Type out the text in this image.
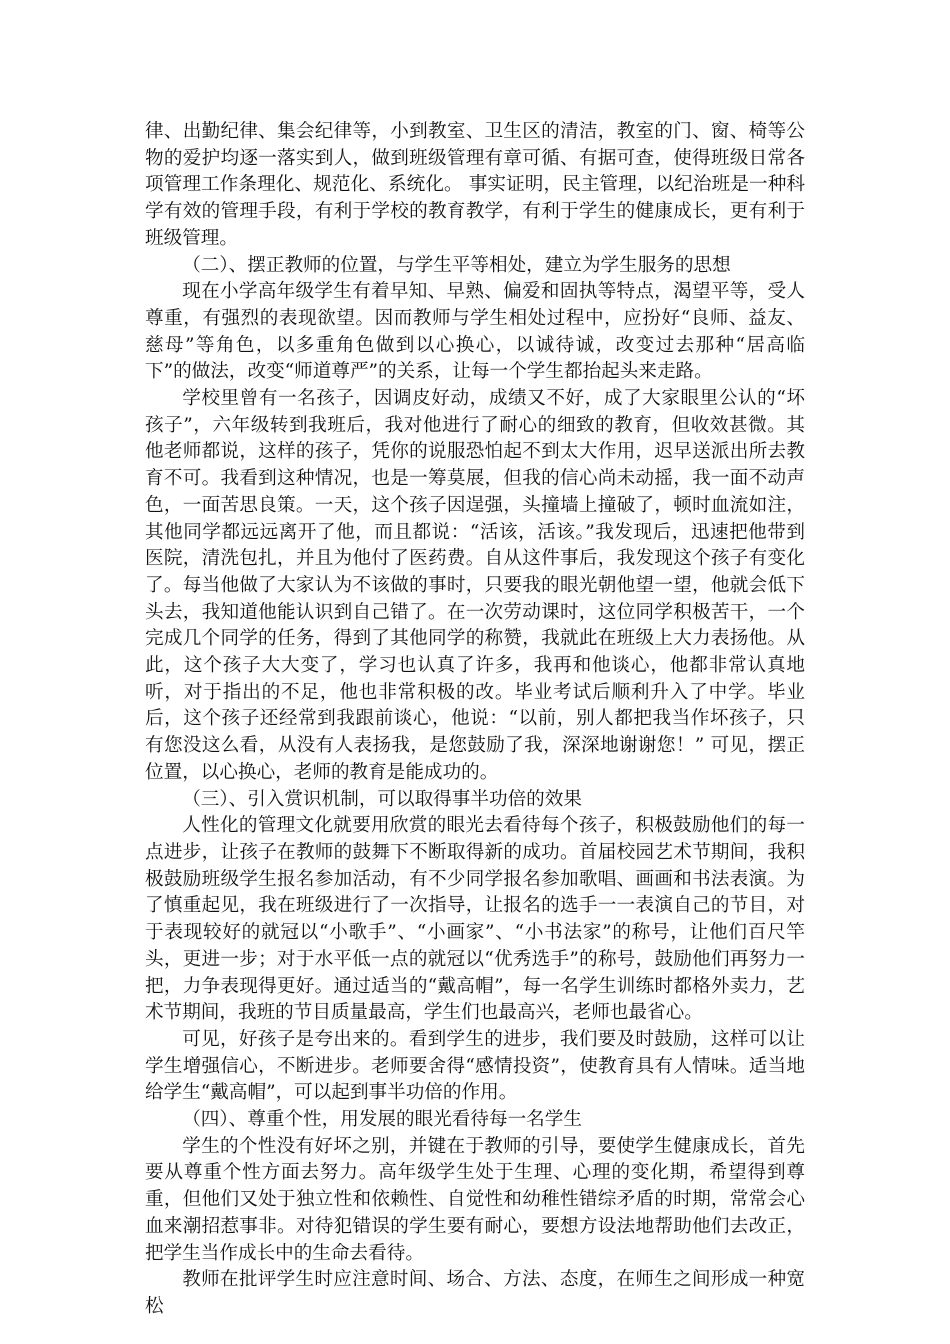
律、出勤纪律、集会纪律等，小到教室、卫生区的清洁，教室的门、窗、椅等公物的爱护均逐一落实到人，做到班级管理有章可循、有据可查，使得班级日常各项管理工作条理化、规范化、系统化。 事实证明，民主管理，以纪治班是一种科学有效的管理手段，有利于学校的教育教学，有利于学生的健康成长，更有利于班级管理。

（二）、摆正教师的位置，与学生平等相处，建立为学生服务的思想

现在小学高年级学生有着早知、早熟、偏爱和固执等特点，渴望平等，受人尊重，有强烈的表现欲望。因而教师与学生相处过程中，应扮好“良师、益友、慈母”等角色，以多重角色做到以心换心，以诚待诚，改变过去那种“居高临下”的做法，改变“师道尊严”的关系，让每一个学生都抬起头来走路。

学校里曾有一名孩子，因调皮好动，成绩又不好，成了大家眼里公认的“坏孩子”，六年级转到我班后，我对他进行了耐心的细致的教育，但收效甚微。其他老师都说，这样的孩子，凭你的说服恐怕起不到太大作用，迟早送派出所去教育不可。我看到这种情况，也是一筹莫展，但我的信心尚未动摇，我一面不动声色，一面苦思良策。一天，这个孩子因逞强，头撞墙上撞破了，顿时血流如注，其他同学都远远离开了他，而且都说：“活该，活该。”我发现后，迅速把他带到医院，清洗包扎，并且为他付了医药费。自从这件事后，我发现这个孩子有变化了。每当他做了大家认为不该做的事时，只要我的眼光朝他望一望，他就会低下头去，我知道他能认识到自己错了。在一次劳动课时，这位同学积极苦干，一个完成几个同学的任务，得到了其他同学的称赞，我就此在班级上大力表扬他。从此，这个孩子大大变了，学习也认真了许多，我再和他谈心，他都非常认真地听，对于指出的不足，他也非常积极的改。毕业考试后顺利升入了中学。毕业后，这个孩子还经常到我跟前谈心，他说：“以前，别人都把我当作坏孩子，只有您没这么看，从没有人表扬我，是您鼓励了我，深深地谢谢您！” 可见，摆正位置，以心换心，老师的教育是能成功的。

（三）、引入赏识机制，可以取得事半功倍的效果

人性化的管理文化就要用欣赏的眼光去看待每个孩子，积极鼓励他们的每一点进步，让孩子在教师的鼓舞下不断取得新的成功。首届校园艺术节期间，我积极鼓励班级学生报名参加活动，有不少同学报名参加歌唱、画画和书法表演。为了慎重起见，我在班级进行了一次指导，让报名的选手一一表演自己的节目，对于表现较好的就冠以“小歌手”、“小画家”、“小书法家”的称号，让他们百尺竿头，更进一步；对于水平低一点的就冠以“优秀选手”的称号，鼓励他们再努力一把，力争表现得更好。通过适当的“戴高帽”，每一名学生训练时都格外卖力，艺术节期间，我班的节目质量最高，学生们也最高兴，老师也最省心。

可见，好孩子是夸出来的。看到学生的进步，我们要及时鼓励，这样可以让学生增强信心，不断进步。老师要舍得“感情投资”，使教育具有人情味。适当地给学生“戴高帽”，可以起到事半功倍的作用。

（四）、尊重个性，用发展的眼光看待每一名学生

学生的个性没有好坏之别，并键在于教师的引导，要使学生健康成长，首先要从尊重个性方面去努力。高年级学生处于生理、心理的变化期，希望得到尊重，但他们又处于独立性和依赖性、自觉性和幼稚性错综矛盾的时期，常常会心血来潮招惹事非。对待犯错误的学生要有耐心，要想方设法地帮助他们去改正，把学生当作成长中的生命去看待。

教师在批评学生时应注意时间、场合、方法、态度，在师生之间形成一种宽松
